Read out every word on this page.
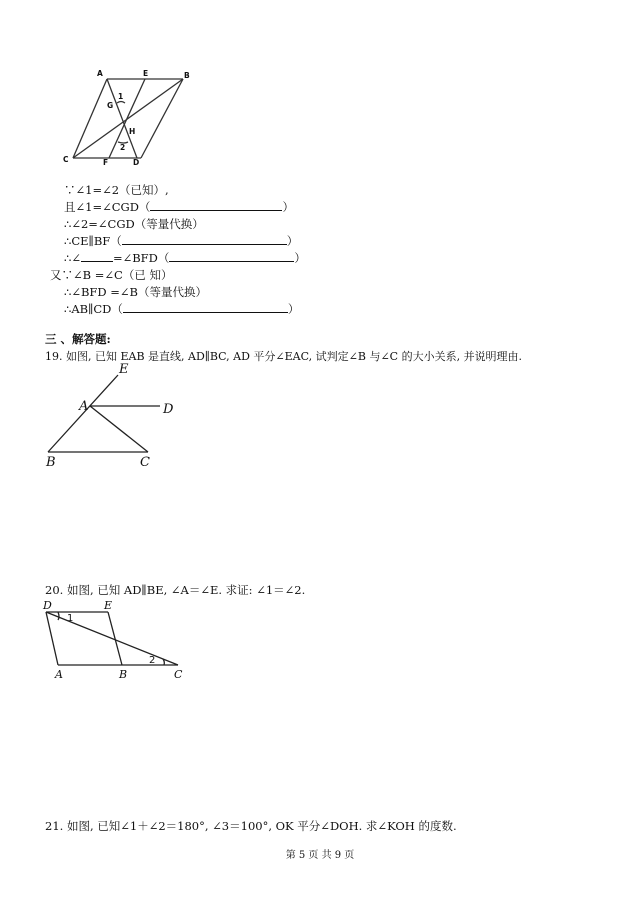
A	E	B
G
H
C	F	D
1
2
∵∠1=∠2（已知）,
且∠1=∠CGD（	）
∴∠2=∠CGD（等量代换）
∴CE∥BF（	）
∴∠	=∠BFD（	）
又∵∠B =∠C（已 知）
∴∠BFD =∠B（等量代换）
∴AB∥CD（	）
三 、解答题:
19. 如图, 已知 EAB 是直线, AD∥BC, AD 平分∠EAC, 试判定∠B 与∠C 的大小关系, 并说明理由.
E
A	D
B	C
20. 如图, 已知 AD∥BE, ∠A＝∠E. 求证: ∠1＝∠2.
D	E
A	B	C
1
2
21. 如图, 已知∠1＋∠2＝180°, ∠3＝100°, OK 平分∠DOH. 求∠KOH 的度数.
第 5 页 共 9 页
